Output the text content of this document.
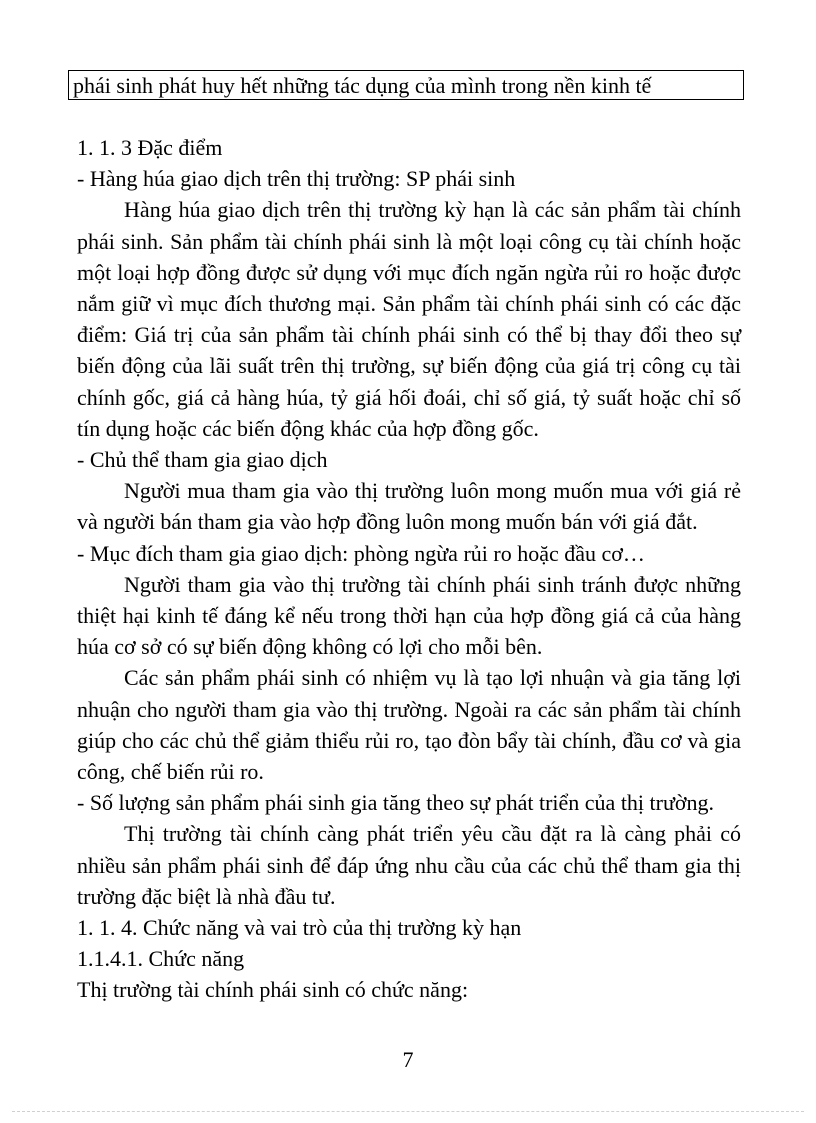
phái sinh phát huy hết những tác dụng của mình trong nền kinh tế

1. 1. 3 Đặc điểm

- Hàng húa giao dịch trên thị trường: SP phái sinh

Hàng húa giao dịch trên thị trường kỳ hạn là các sản phẩm tài chính phái sinh. Sản phẩm tài chính phái sinh là một loại công cụ tài chính hoặc một loại hợp đồng được sử dụng với mục đích ngăn ngừa rủi ro hoặc được nắm giữ vì mục đích thương mại. Sản phẩm tài chính phái sinh có các đặc điểm: Giá trị của sản phẩm tài chính phái sinh có thể bị thay đổi theo sự biến động của lãi suất trên thị trường, sự biến động của giá trị công cụ tài chính gốc, giá cả hàng húa, tỷ giá hối đoái, chỉ số giá, tỷ suất hoặc chỉ số tín dụng hoặc các biến động khác của hợp đồng gốc.

- Chủ thể tham gia giao dịch

Người mua tham gia vào thị trường luôn mong muốn mua với giá rẻ và người bán tham gia vào hợp đồng luôn mong muốn bán với giá đắt.

- Mục đích tham gia giao dịch: phòng ngừa rủi ro hoặc đầu cơ…

Người tham gia vào thị trường tài chính phái sinh tránh được những thiệt hại kinh tế đáng kể nếu trong thời hạn của hợp đồng giá cả của hàng húa cơ sở có sự biến động không có lợi cho mỗi bên.

Các sản phẩm phái sinh có nhiệm vụ là tạo lợi nhuận và gia tăng lợi nhuận cho người tham gia vào thị trường. Ngoài ra các sản phẩm tài chính giúp cho các chủ thể giảm thiểu rủi ro, tạo đòn bẩy tài chính, đầu cơ và gia công, chế biến rủi ro.

- Số lượng sản phẩm phái sinh gia tăng theo sự phát triển của thị trường.

Thị trường tài chính càng phát triển yêu cầu đặt ra là càng phải có nhiều sản phẩm phái sinh để đáp ứng nhu cầu của các chủ thể tham gia thị trường đặc biệt là nhà đầu tư.

1. 1. 4. Chức năng và vai trò của thị trường kỳ hạn

1.1.4.1. Chức năng

Thị trường tài chính phái sinh có chức năng:

7
